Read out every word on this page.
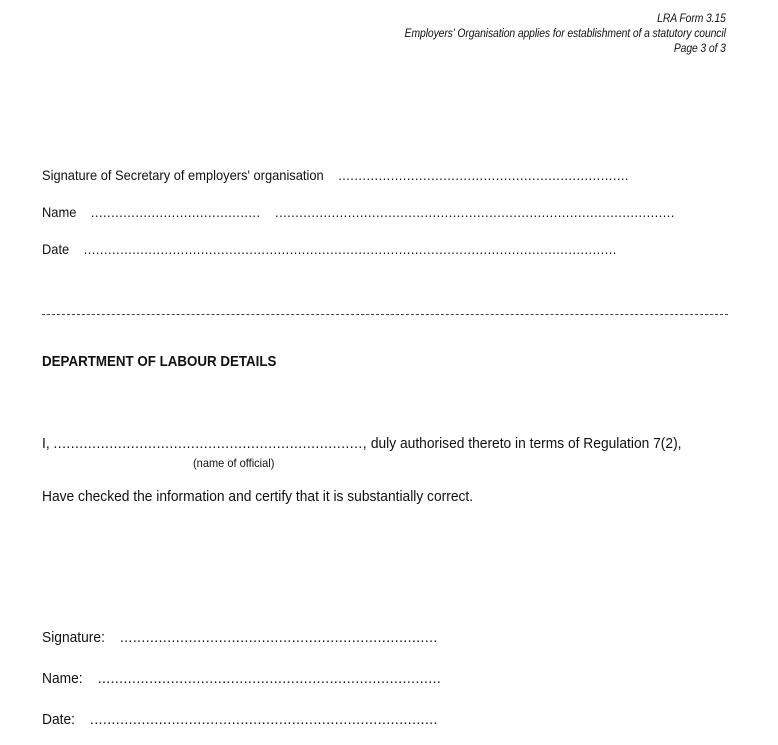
LRA Form 3.15
Employers' Organisation applies for establishment of a statutory council
Page 3 of 3
Signature of Secretary of employers' organisation ........................................................................
Name .......................................... ...................................................................................................
Date ....................................................................................................................................
DEPARTMENT OF LABOUR DETAILS
I, ........................................................................, duly authorised thereto in terms of Regulation 7(2),
(name of official)
Have checked the information and certify that it is substantially correct.
Signature: ..........................................................................
Name: ................................................................................
Date: .................................................................................
